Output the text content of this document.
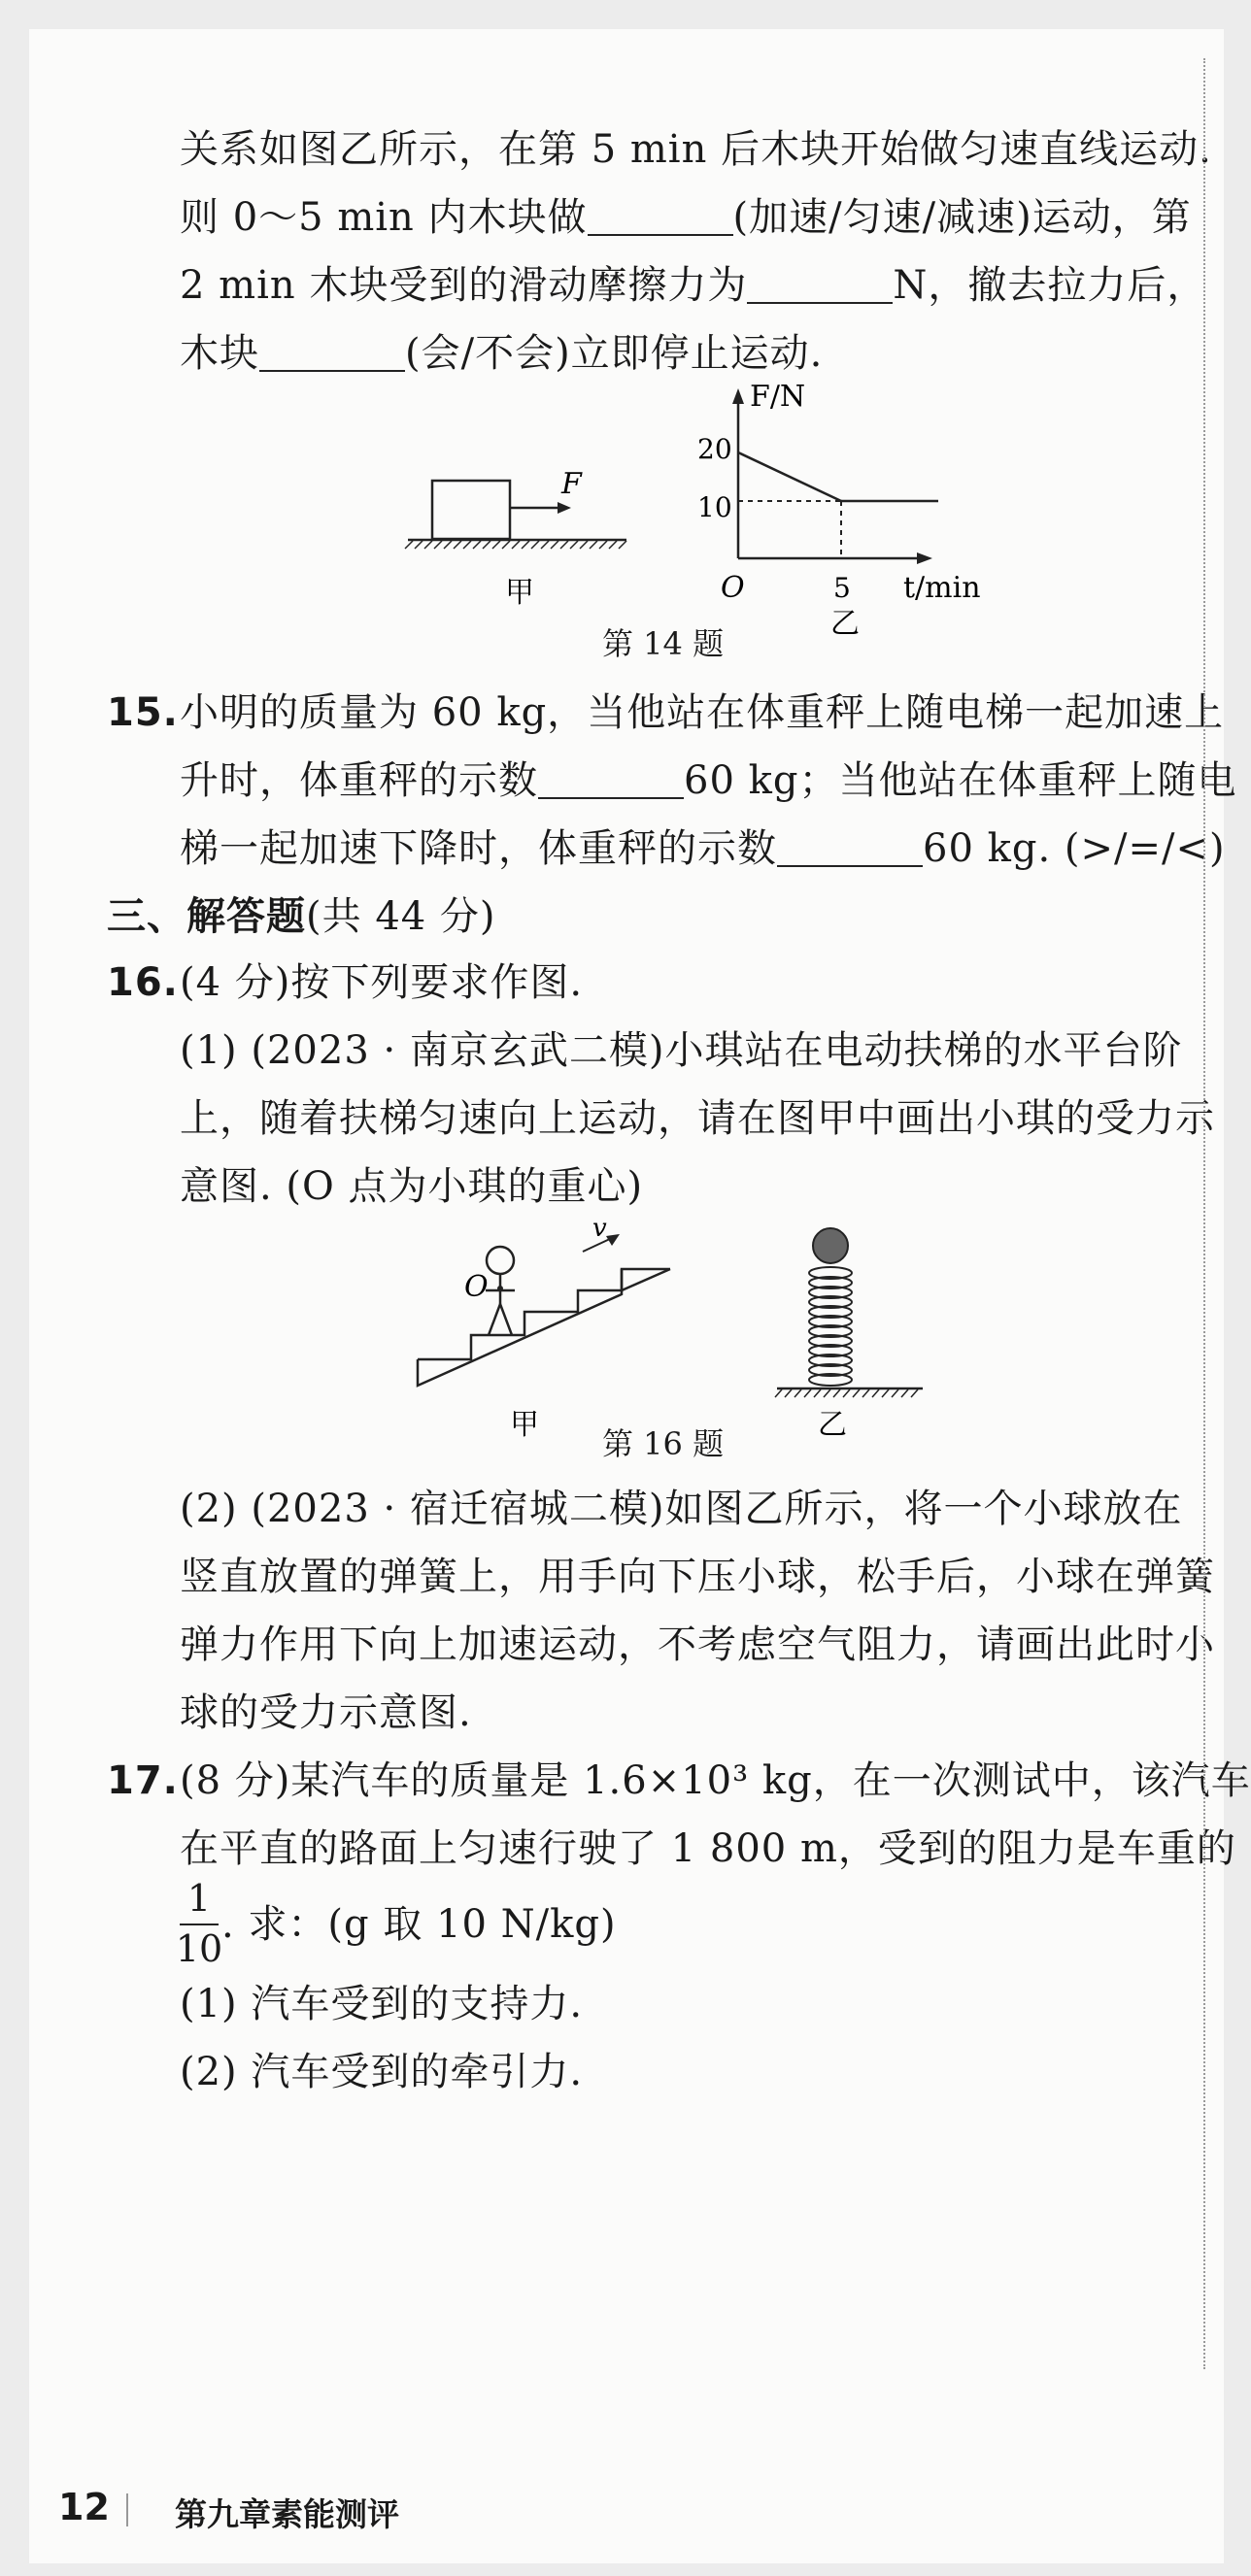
关系如图乙所示，在第 5 min 后木块开始做匀速直线运动.
则 0～5 min 内木块做	(加速/匀速/减速)运动，第
2 min 木块受到的滑动摩擦力为	N，撤去拉力后，
木块	(会/不会)立即停止运动.
F
甲
F/N
20
10
O	5 t/min
乙
第 14 题
15. 小明的质量为 60 kg，当他站在体重秤上随电梯一起加速上
升时，体重秤的示数	60 kg；当他站在体重秤上随电
梯一起加速下降时，体重秤的示数	60 kg. (>/=/<)
三、解答题(共 44 分)
16. (4 分)按下列要求作图.
(1) (2023 · 南京玄武二模)小琪站在电动扶梯的水平台阶
上，随着扶梯匀速向上运动，请在图甲中画出小琪的受力示
意图. (O 点为小琪的重心)
O
v
甲	乙
第 16 题
(2) (2023 · 宿迁宿城二模)如图乙所示，将一个小球放在
竖直放置的弹簧上，用手向下压小球，松手后，小球在弹簧
弹力作用下向上加速运动，不考虑空气阻力，请画出此时小
球的受力示意图.
17. (8 分)某汽车的质量是 1.6×10³ kg，在一次测试中，该汽车
在平直的路面上匀速行驶了 1 800 m，受到的阻力是车重的
1
10
. 求：(g 取 10 N/kg)
(1) 汽车受到的支持力.
(2) 汽车受到的牵引力.
12 第九章素能测评
